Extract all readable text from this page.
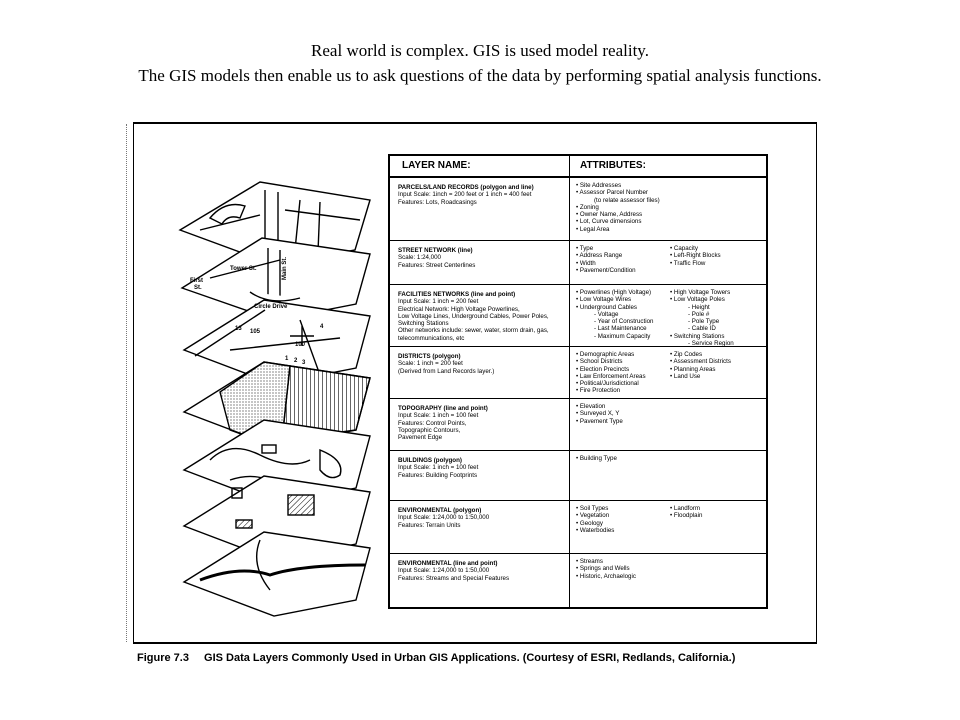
Real world is complex. GIS is used model reality.
The GIS models then enable us to ask questions of the data by performing spatial analysis functions.
First
St.
Tower St.	Main St.
Circle Drive
13 105
100
4
1 2 3
LAYER NAME:	ATTRIBUTES:
PARCELS/LAND RECORDS (polygon and line)
Input Scale: 1inch = 200 feet or 1 inch = 400 feet
Features: Lots, Roadcasings
• Site Addresses
• Assessor Parcel Number
(to relate assessor files)
• Zoning
• Owner Name, Address
• Lot, Curve dimensions
• Legal Area
STREET NETWORK (line)
Scale: 1:24,000
Features: Street Centerlines
• Type
• Address Range
• Width
• Pavement/Condition
• Capacity
• Left-Right Blocks
• Traffic Flow
FACILITIES NETWORKS (line and point)
Input Scale: 1 inch = 200 feet
Electrical Network: High Voltage Powerlines,
Low Voltage Lines, Underground Cables, Power Poles, Switching Stations
Other networks include: sewer, water, storm drain, gas, telecommunications, etc
• Powerlines (High Voltage)
• Low Voltage Wires
• Underground Cables
- Voltage
- Year of Construction
- Last Maintenance
- Maximum Capacity
• High Voltage Towers
• Low Voltage Poles
- Height
- Pole #
- Pole Type
- Cable ID
• Switching Stations
- Service Region
DISTRICTS (polygon)
Scale: 1 inch = 200 feet
(Derived from Land Records layer.)
• Demographic Areas
• School Districts
• Election Precincts
• Law Enforcement Areas
• Political/Jurisdictional
• Fire Protection
• Zip Codes
• Assessment Districts
• Planning Areas
• Land Use
TOPOGRAPHY (line and point)
Input Scale: 1 inch = 100 feet
Features: Control Points,
Topographic Contours,
Pavement Edge
• Elevation
• Surveyed X, Y
• Pavement Type
BUILDINGS (polygon)
Input Scale: 1 inch = 100 feet
Features: Building Footprints
• Building Type
ENVIRONMENTAL (polygon)
Input Scale: 1:24,000 to 1:50,000
Features: Terrain Units
• Soil Types
• Vegetation
• Geology
• Waterbodies
• Landform
• Floodplain
ENVIRONMENTAL (line and point)
Input Scale: 1:24,000 to 1:50,000
Features: Streams and Special Features
• Streams
• Springs and Wells
• Historic, Archaelogic
Figure 7.3 GIS Data Layers Commonly Used in Urban GIS Applications. (Courtesy of ESRI, Redlands, California.)
